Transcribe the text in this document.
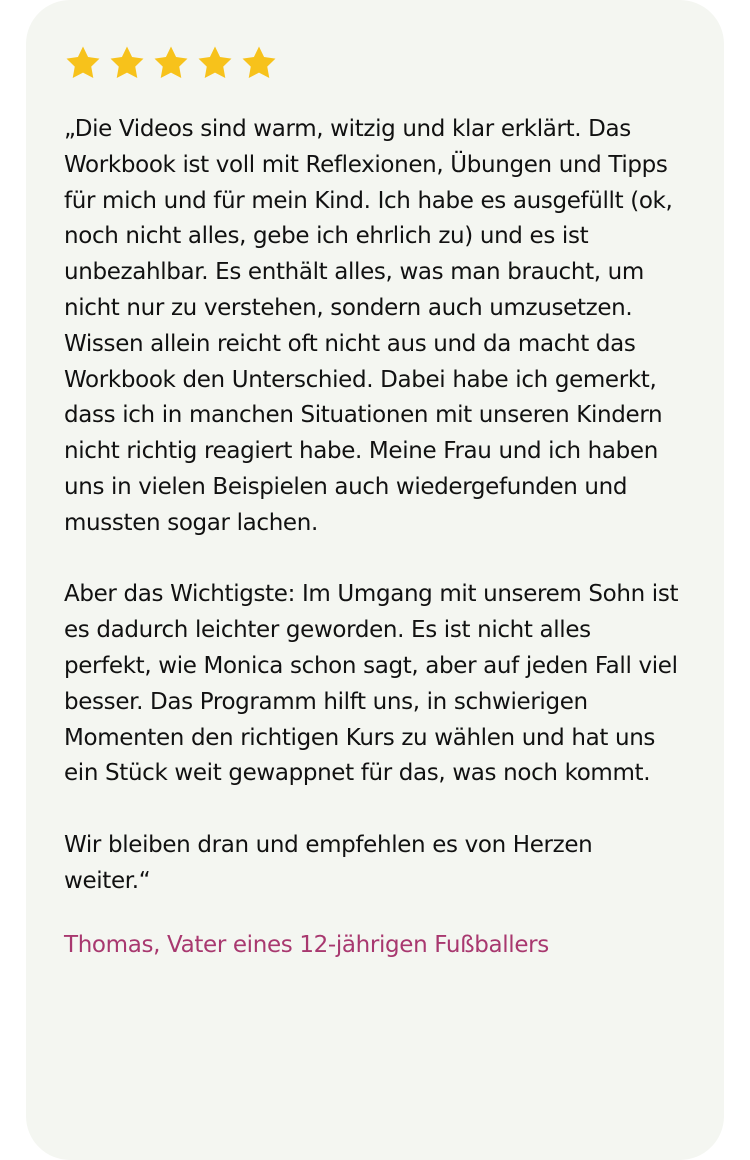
„Die Videos sind warm, witzig und klar erklärt. Das Workbook ist voll mit Reflexionen, Übungen und Tipps für mich und für mein Kind. Ich habe es ausgefüllt (ok, noch nicht alles, gebe ich ehrlich zu) und es ist unbezahlbar. Es enthält alles, was man braucht, um nicht nur zu verstehen, sondern auch umzusetzen. Wissen allein reicht oft nicht aus und da macht das Workbook den Unterschied. Dabei habe ich gemerkt, dass ich in manchen Situationen mit unseren Kindern nicht richtig reagiert habe. Meine Frau und ich haben uns in vielen Beispielen auch wiedergefunden und mussten sogar lachen.

Aber das Wichtigste: Im Umgang mit unserem Sohn ist es dadurch leichter geworden. Es ist nicht alles perfekt, wie Monica schon sagt, aber auf jeden Fall viel besser. Das Programm hilft uns, in schwierigen Momenten den richtigen Kurs zu wählen und hat uns ein Stück weit gewappnet für das, was noch kommt.

Wir bleiben dran und empfehlen es von Herzen weiter.“

Thomas, Vater eines 12-jährigen Fußballers
